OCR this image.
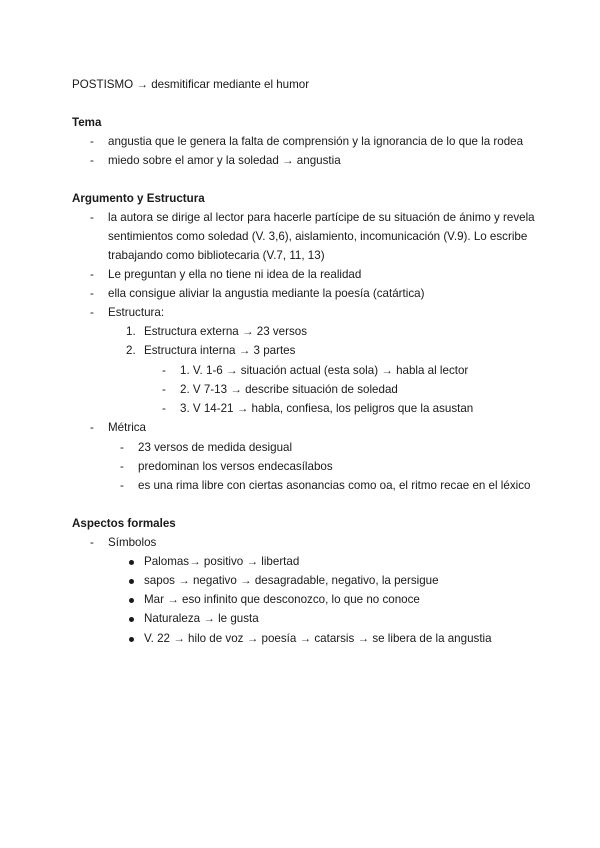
POSTISMO → desmitificar mediante el humor
Tema
- angustia que le genera la falta de comprensión y la ignorancia de lo que la rodea
- miedo sobre el amor y la soledad → angustia
Argumento y Estructura
- la autora se dirige al lector para hacerle partícipe de su situación de ánimo y revela
sentimientos como soledad (V. 3,6), aislamiento, incomunicación (V.9). Lo escribe
trabajando como bibliotecaria (V.7, 11, 13)
- Le preguntan y ella no tiene ni idea de la realidad
- ella consigue aliviar la angustia mediante la poesía (catártica)
- Estructura:
1. Estructura externa → 23 versos
2. Estructura interna → 3 partes
- 1. V. 1-6 → situación actual (esta sola) → habla al lector
- 2. V 7-13 → describe situación de soledad
- 3. V 14-21 → habla, confiesa, los peligros que la asustan
- Métrica
- 23 versos de medida desigual
- predominan los versos endecasílabos
- es una rima libre con ciertas asonancias como oa, el ritmo recae en el léxico
Aspectos formales
- Símbolos
Palomas→ positivo → libertad
sapos → negativo → desagradable, negativo, la persigue
Mar → eso infinito que desconozco, lo que no conoce
Naturaleza → le gusta
V. 22 → hilo de voz → poesía → catarsis → se libera de la angustia
